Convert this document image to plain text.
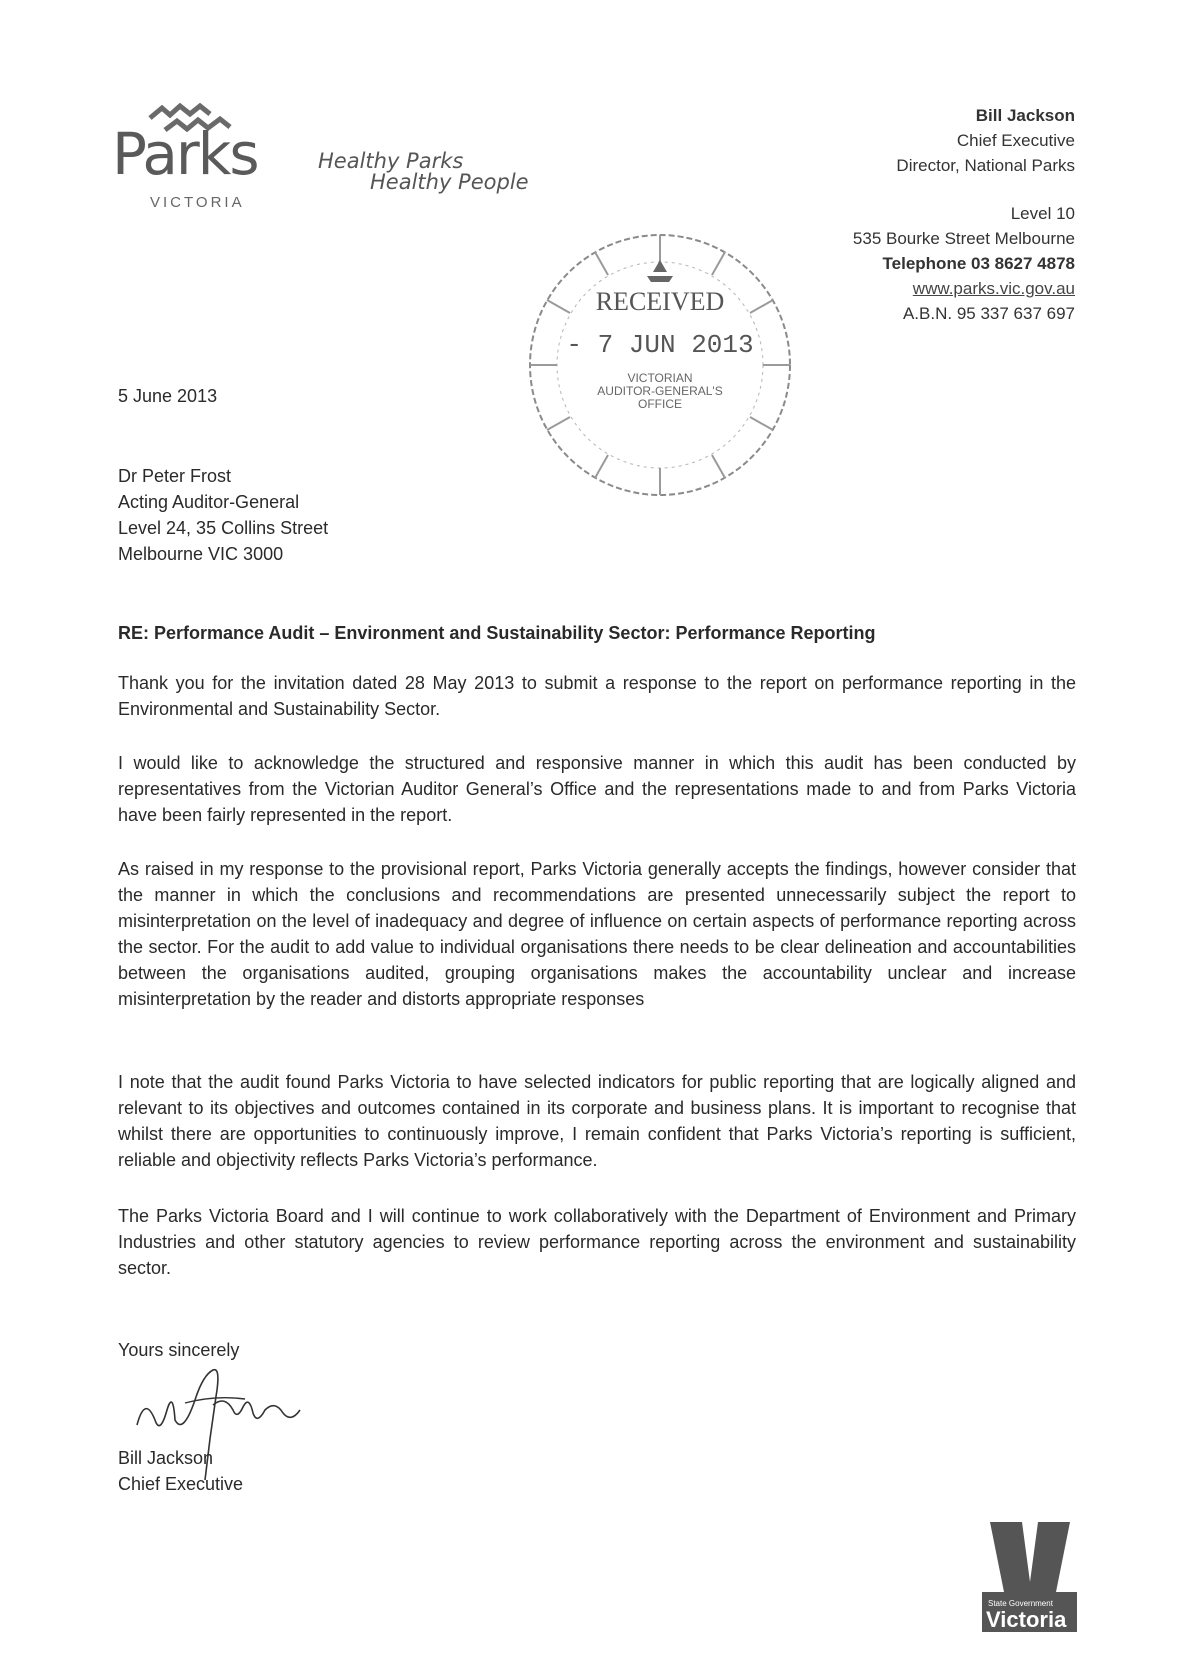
Parks
VICTORIA
Healthy Parks
Healthy People
Bill Jackson
Chief Executive
Director, National Parks
Level 10
535 Bourke Street Melbourne
Telephone 03 8627 4878
www.parks.vic.gov.au
A.B.N. 95 337 637 697
RECEIVED
- 7 JUN 2013
VICTORIAN
AUDITOR-GENERAL'S
OFFICE
5 June 2013
Dr Peter Frost
Acting Auditor-General
Level 24, 35 Collins Street
Melbourne VIC 3000
RE: Performance Audit – Environment and Sustainability Sector: Performance Reporting
Thank you for the invitation dated 28 May 2013 to submit a response to the report on performance reporting in the Environmental and Sustainability Sector.
I would like to acknowledge the structured and responsive manner in which this audit has been conducted by representatives from the Victorian Auditor General’s Office and the representations made to and from Parks Victoria have been fairly represented in the report.
As raised in my response to the provisional report, Parks Victoria generally accepts the findings, however consider that the manner in which the conclusions and recommendations are presented unnecessarily subject the report to misinterpretation on the level of inadequacy and degree of influence on certain aspects of performance reporting across the sector. For the audit to add value to individual organisations there needs to be clear delineation and accountabilities between the organisations audited, grouping organisations makes the accountability unclear and increase misinterpretation by the reader and distorts appropriate responses
I note that the audit found Parks Victoria to have selected indicators for public reporting that are logically aligned and relevant to its objectives and outcomes contained in its corporate and business plans. It is important to recognise that whilst there are opportunities to continuously improve, I remain confident that Parks Victoria’s reporting is sufficient, reliable and objectivity reflects Parks Victoria’s performance.
The Parks Victoria Board and I will continue to work collaboratively with the Department of Environment and Primary Industries and other statutory agencies to review performance reporting across the environment and sustainability sector.
Yours sincerely
Bill Jackson
Chief Executive
State Government
Victoria
